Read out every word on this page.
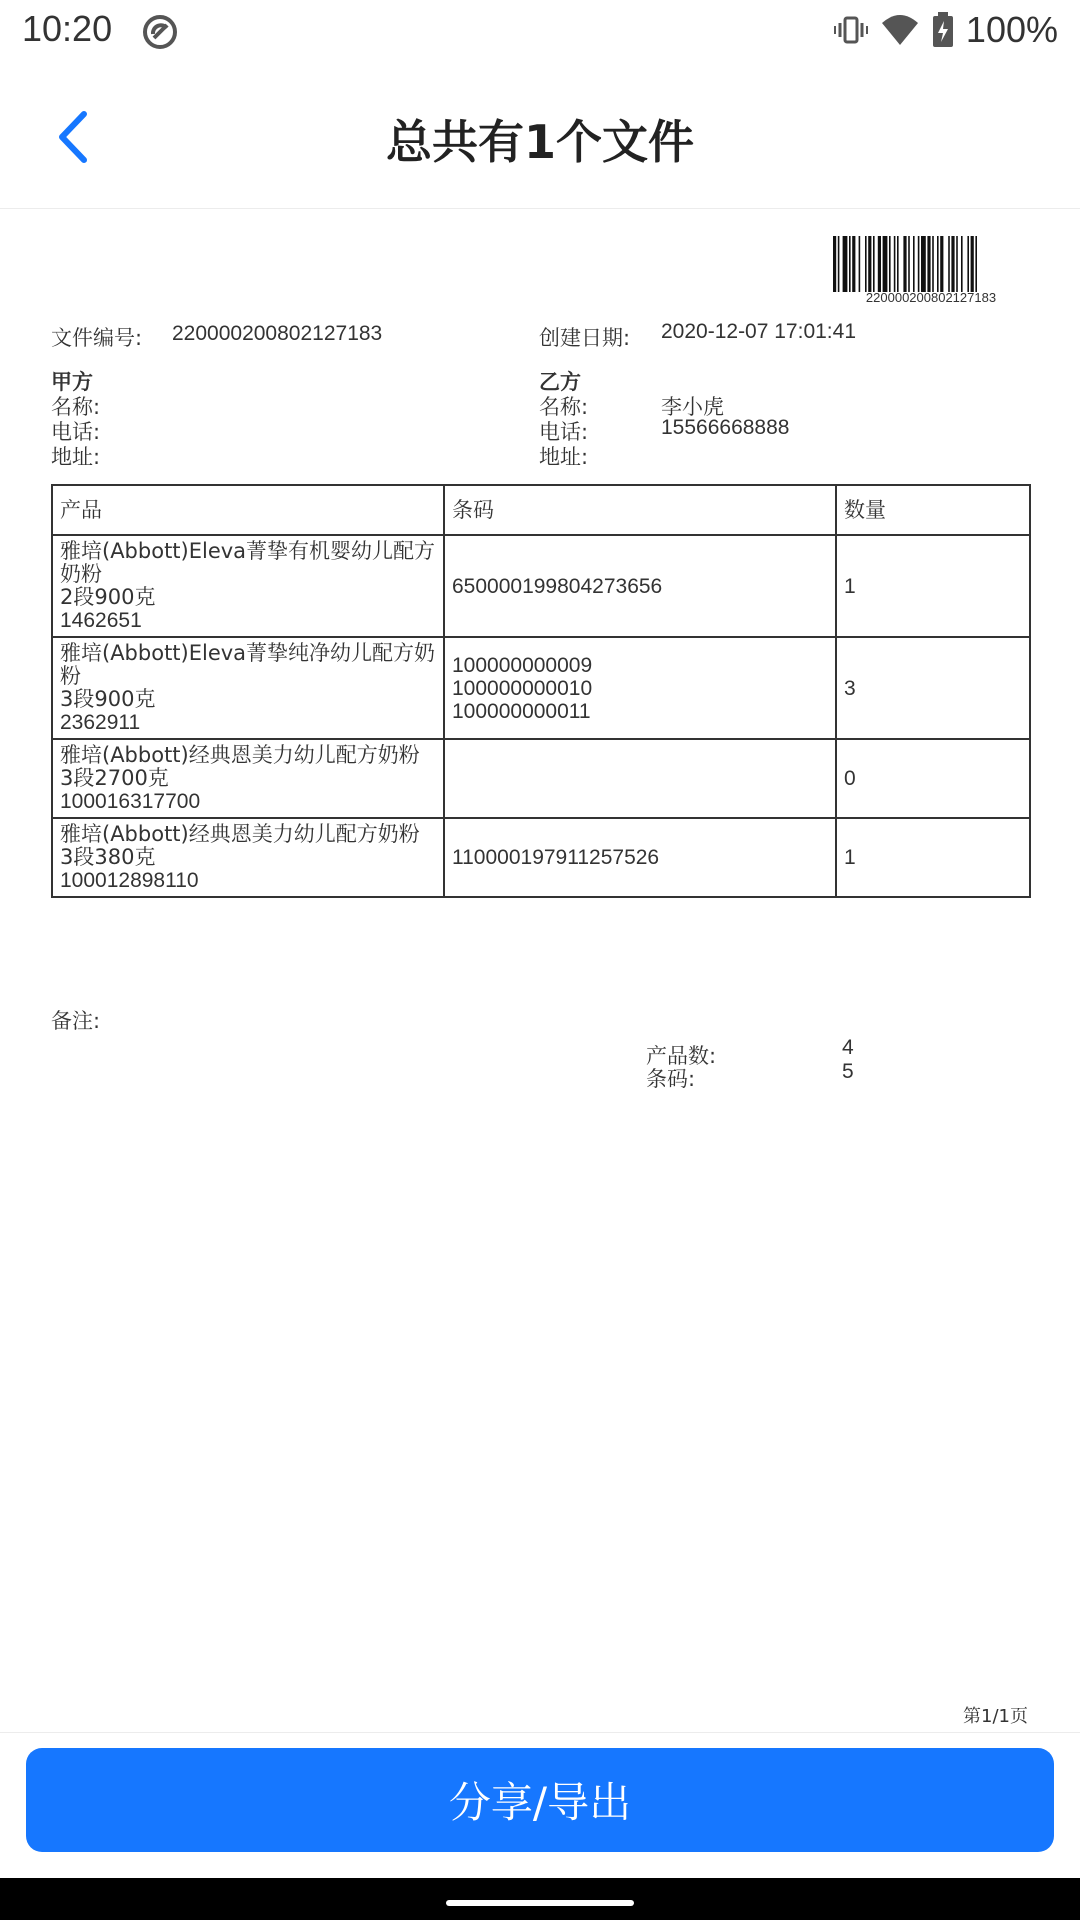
10:20	100%
总共有1个文件
220000200802127183
文件编号: 220000200802127183	创建日期: 2020-12-07 17:01:41
甲方
名称:
电话:
地址:
乙方
名称:	李小虎
电话:	15566668888
地址:
产品	条码	数量

雅培(Abbott)Eleva菁挚有机婴幼儿配方
奶粉
2段900克
1462651	650000199804273656	1

雅培(Abbott)Eleva菁挚纯净幼儿配方奶
粉
3段900克
2362911	100000000009
100000000010
100000000011	3

雅培(Abbott)经典恩美力幼儿配方奶粉
3段2700克
100016317700		0

雅培(Abbott)经典恩美力幼儿配方奶粉
3段380克
100012898110	110000197911257526	1
备注:
产品数:	4
条码:	5
第1/1页
分享/导出
